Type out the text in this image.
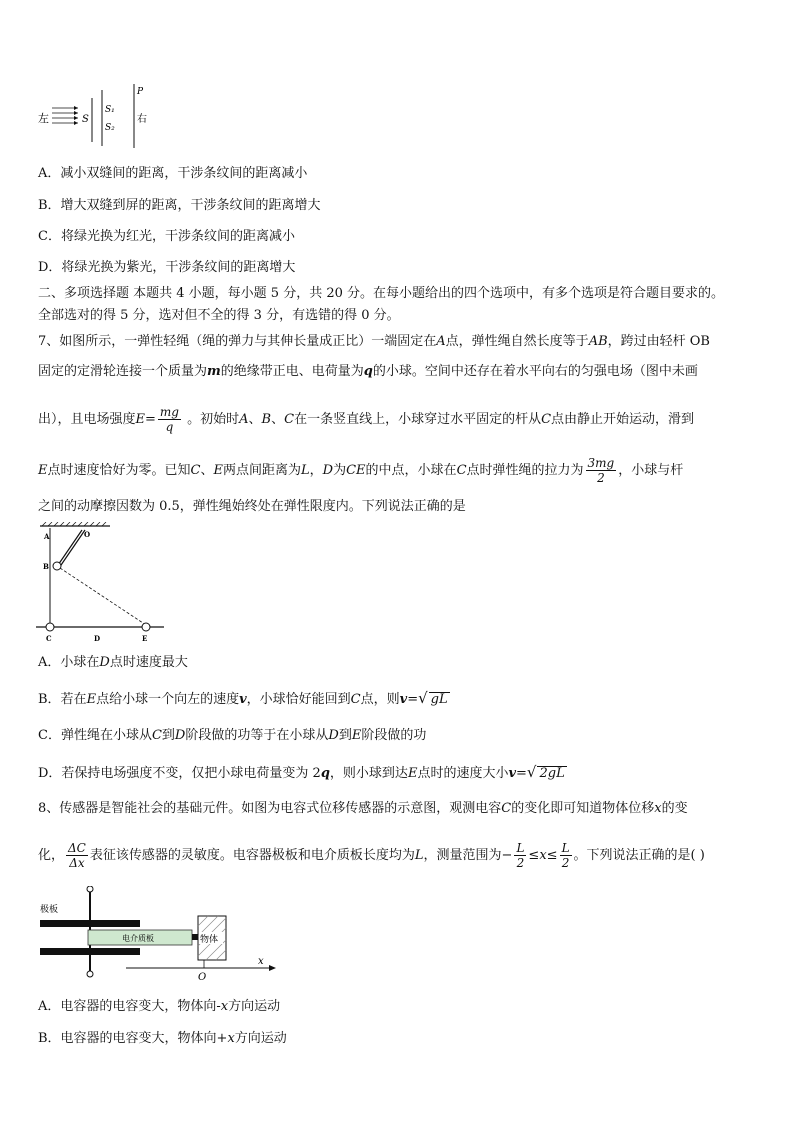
左	S
S₁
S₂
P
右
A．减小双缝间的距离，干涉条纹间的距离减小
B．增大双缝到屏的距离，干涉条纹间的距离增大
C．将绿光换为红光，干涉条纹间的距离减小
D．将绿光换为紫光，干涉条纹间的距离增大
二、多项选择题 本题共 4 小题，每小题 5 分，共 20 分。在每小题给出的四个选项中，有多个选项是符合题目要求的。
全部选对的得 5 分，选对但不全的得 3 分，有选错的得 0 分。
7、如图所示，一弹性轻绳（绳的弹力与其伸长量成正比）一端固定在A点，弹性绳自然长度等于AB，跨过由轻杆 OB
固定的定滑轮连接一个质量为m的绝缘带正电、电荷量为q的小球。空间中还存在着水平向右的匀强电场（图中未画
出），且电场强度$E= \frac{mg}{q}$ 。初始时A、B、C在一条竖直线上，小球穿过水平固定的杆从C点由静止开始运动，滑到
E点时速度恰好为零。已知C、E两点间距离为L，D为CE的中点，小球在C点时弹性绳的拉力为 $\frac{3mg}{2}$ ，小球与杆
之间的动摩擦因数为 0.5，弹性绳始终处在弹性限度内。下列说法正确的是
A	O
B
C	D	E
A．小球在D点时速度最大
B．若在E点给小球一个向左的速度v，小球恰好能回到C点，则v=√ gL
C．弹性绳在小球从C到D阶段做的功等于在小球从D到E阶段做的功
D．若保持电场强度不变，仅把小球电荷量变为 2q，则小球到达E点时的速度大小v=√ 2gL
8、传感器是智能社会的基础元件。如图为电容式位移传感器的示意图，观测电容C的变化即可知道物体位移x的变
化， $\frac{\Delta C}{\Delta x}$ 表征该传感器的灵敏度。电容器极板和电介质板长度均为L，测量范围为− $\frac{L}{2} \le x\le \frac{L}{2}$ 。下列说法正确的是( )
极板
电介质板	物体
O
x
A．电容器的电容变大，物体向-x方向运动
B．电容器的电容变大，物体向+x方向运动
